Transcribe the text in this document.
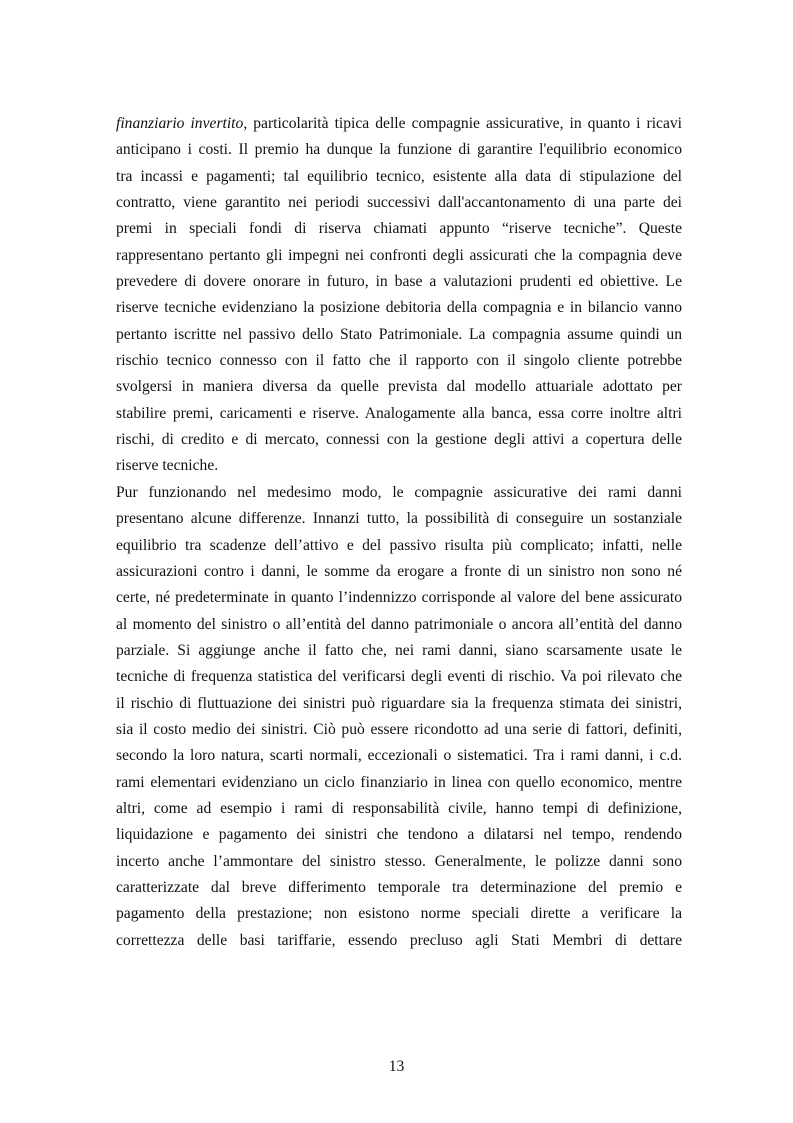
finanziario invertito, particolarità tipica delle compagnie assicurative, in quanto i ricavi
anticipano i costi. Il premio ha dunque la funzione di garantire l'equilibrio economico
tra incassi e pagamenti; tal equilibrio tecnico, esistente alla data di stipulazione del
contratto, viene garantito nei periodi successivi dall'accantonamento di una parte dei
premi in speciali fondi di riserva chiamati appunto “riserve tecniche”. Queste
rappresentano pertanto gli impegni nei confronti degli assicurati che la compagnia deve
prevedere di dovere onorare in futuro, in base a valutazioni prudenti ed obiettive. Le
riserve tecniche evidenziano la posizione debitoria della compagnia e in bilancio vanno
pertanto iscritte nel passivo dello Stato Patrimoniale. La compagnia assume quindi un
rischio tecnico connesso con il fatto che il rapporto con il singolo cliente potrebbe
svolgersi in maniera diversa da quelle prevista dal modello attuariale adottato per
stabilire premi, caricamenti e riserve. Analogamente alla banca, essa corre inoltre altri
rischi, di credito e di mercato, connessi con la gestione degli attivi a copertura delle
riserve tecniche.
Pur funzionando nel medesimo modo, le compagnie assicurative dei rami danni
presentano alcune differenze. Innanzi tutto, la possibilità di conseguire un sostanziale
equilibrio tra scadenze dell’attivo e del passivo risulta più complicato; infatti, nelle
assicurazioni contro i danni, le somme da erogare a fronte di un sinistro non sono né
certe, né predeterminate in quanto l’indennizzo corrisponde al valore del bene assicurato
al momento del sinistro o all’entità del danno patrimoniale o ancora all’entità del danno
parziale. Si aggiunge anche il fatto che, nei rami danni, siano scarsamente usate le
tecniche di frequenza statistica del verificarsi degli eventi di rischio. Va poi rilevato che
il rischio di fluttuazione dei sinistri può riguardare sia la frequenza stimata dei sinistri,
sia il costo medio dei sinistri. Ciò può essere ricondotto ad una serie di fattori, definiti,
secondo la loro natura, scarti normali, eccezionali o sistematici. Tra i rami danni, i c.d.
rami elementari evidenziano un ciclo finanziario in linea con quello economico, mentre
altri, come ad esempio i rami di responsabilità civile, hanno tempi di definizione,
liquidazione e pagamento dei sinistri che tendono a dilatarsi nel tempo, rendendo
incerto anche l’ammontare del sinistro stesso. Generalmente, le polizze danni sono
caratterizzate dal breve differimento temporale tra determinazione del premio e
pagamento della prestazione; non esistono norme speciali dirette a verificare la
correttezza delle basi tariffarie, essendo precluso agli Stati Membri di dettare
13
